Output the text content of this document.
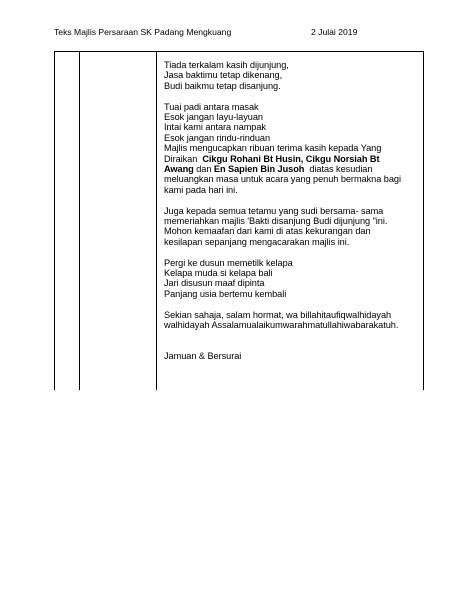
Teks Majlis Persaraan SK Padang Mengkuang	2 Julai 2019
Tiada terkalam kasih dijunjung,
Jasa baktimu tetap dikenang,
Budi baikmu tetap disanjung.
Tuai padi antara masak
Esok jangan layu-layuan
Intai kami antara nampak
Esok jangan rindu-rinduan
Majlis mengucapkan ribuan terima kasih kepada Yang
Diraikan  Cikgu Rohani Bt Husin, Cikgu Norsiah Bt
Awang dan En Sapien Bin Jusoh  diatas kesudian
meluangkan masa untuk acara yang penuh bermakna bagi
kami pada hari ini.
Juga kepada semua tetamu yang sudi bersama- sama
memeriahkan majlis 'Bakti disanjung Budi dijunjung "ini.
Mohon kemaafan dari kami di atas kekurangan dan
kesilapan sepanjang mengacarakan majlis ini.
Pergi ke dusun memetilk kelapa
Kelapa muda si kelapa bali
Jari disusun maaf dipinta
Panjang usia bertemu kembali
Sekian sahaja, salam hormat, wa billahitaufiqwalhidayah
walhidayah Assalamualaikumwarahmatullahiwabarakatuh.
Jamuan & Bersurai
